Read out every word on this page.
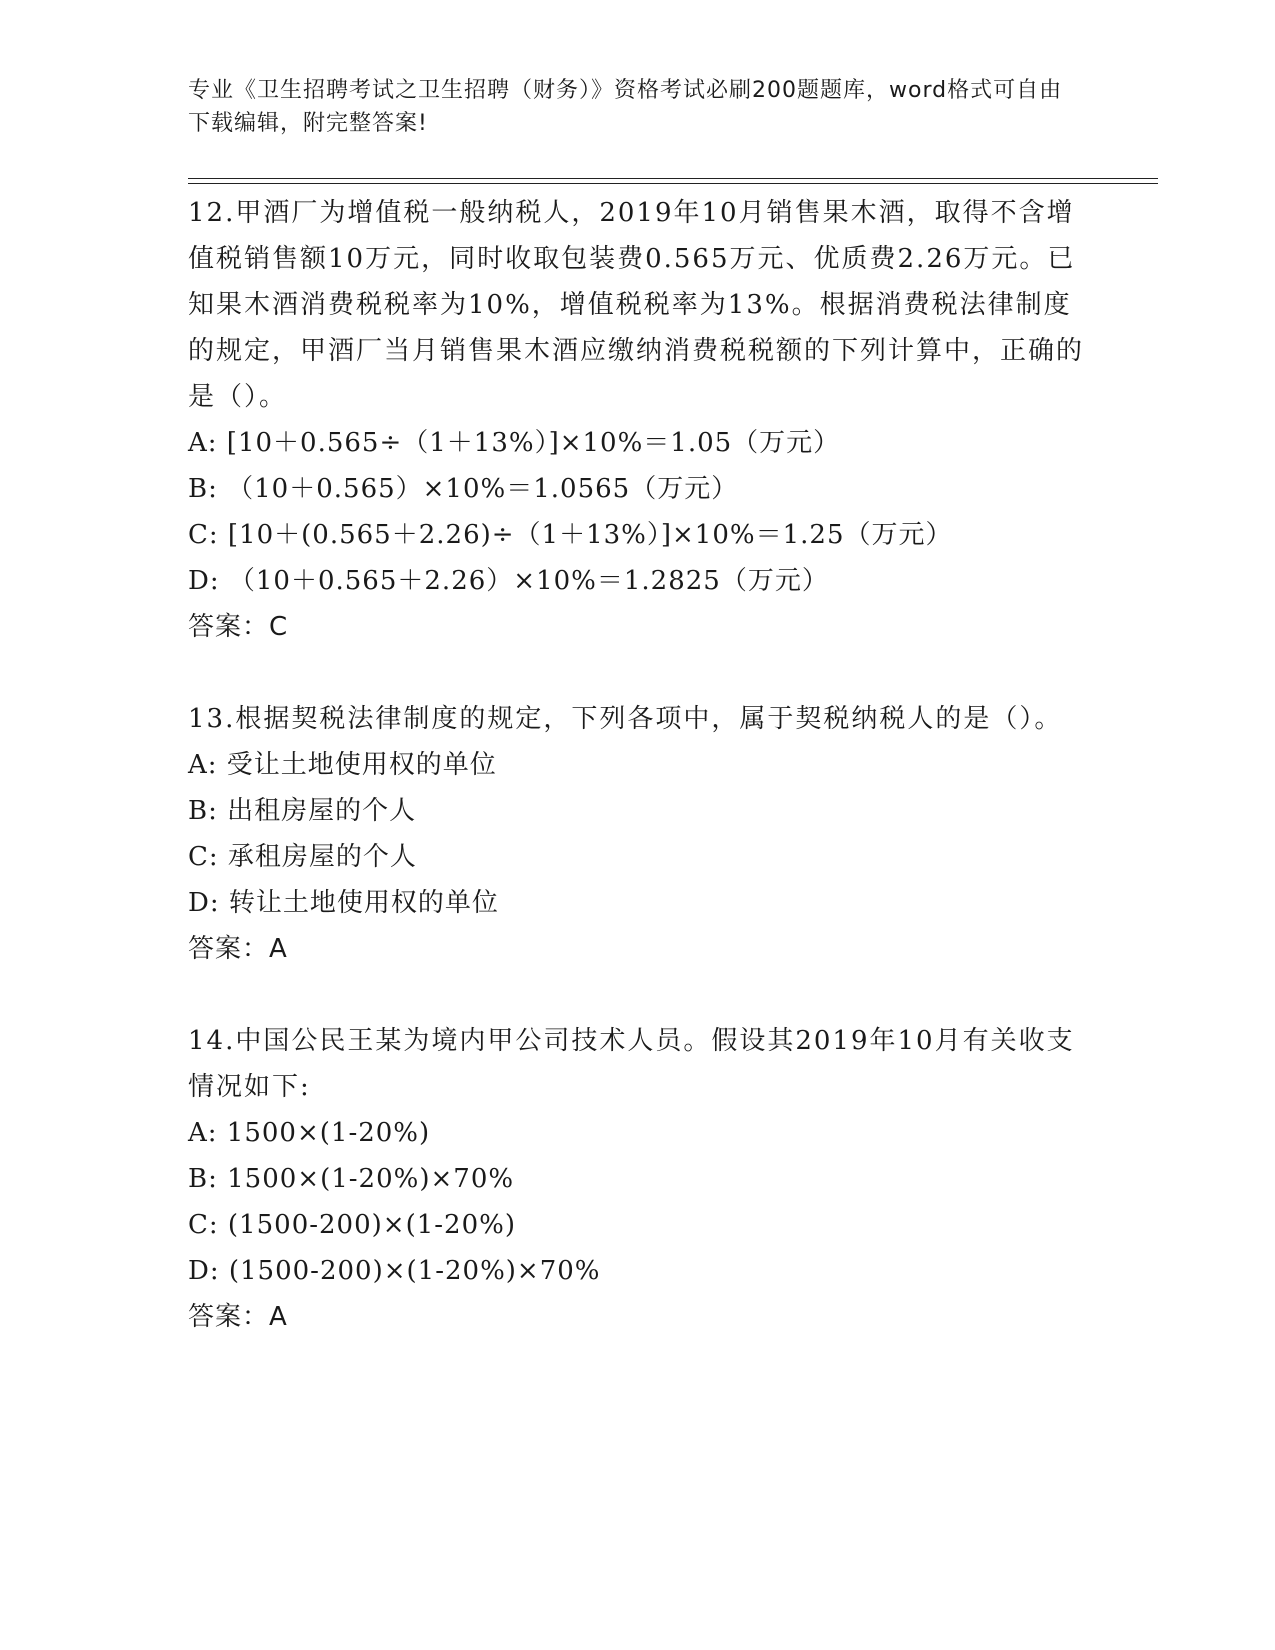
专业《卫生招聘考试之卫生招聘（财务）》资格考试必刷200题题库，word格式可自由下载编辑，附完整答案!

12.甲酒厂为增值税一般纳税人，2019年10月销售果木酒，取得不含增值税销售额10万元，同时收取包装费0.565万元、优质费2.26万元。已知果木酒消费税税率为10%，增值税税率为13%。根据消费税法律制度的规定，甲酒厂当月销售果木酒应缴纳消费税税额的下列计算中，正确的是（）。

A: [10＋0.565÷（1＋13%）]×10%＝1.05（万元）

B: （10＋0.565）×10%＝1.0565（万元）

C: [10＋(0.565＋2.26)÷（1＋13%）]×10%＝1.25（万元）

D: （10＋0.565＋2.26）×10%＝1.2825（万元）

答案：C

13.根据契税法律制度的规定，下列各项中，属于契税纳税人的是（）。

A: 受让土地使用权的单位

B: 出租房屋的个人

C: 承租房屋的个人

D: 转让土地使用权的单位

答案：A

14.中国公民王某为境内甲公司技术人员。假设其2019年10月有关收支情况如下:

A: 1500×(1-20%)

B: 1500×(1-20%)×70%

C: (1500-200)×(1-20%)

D: (1500-200)×(1-20%)×70%

答案：A
